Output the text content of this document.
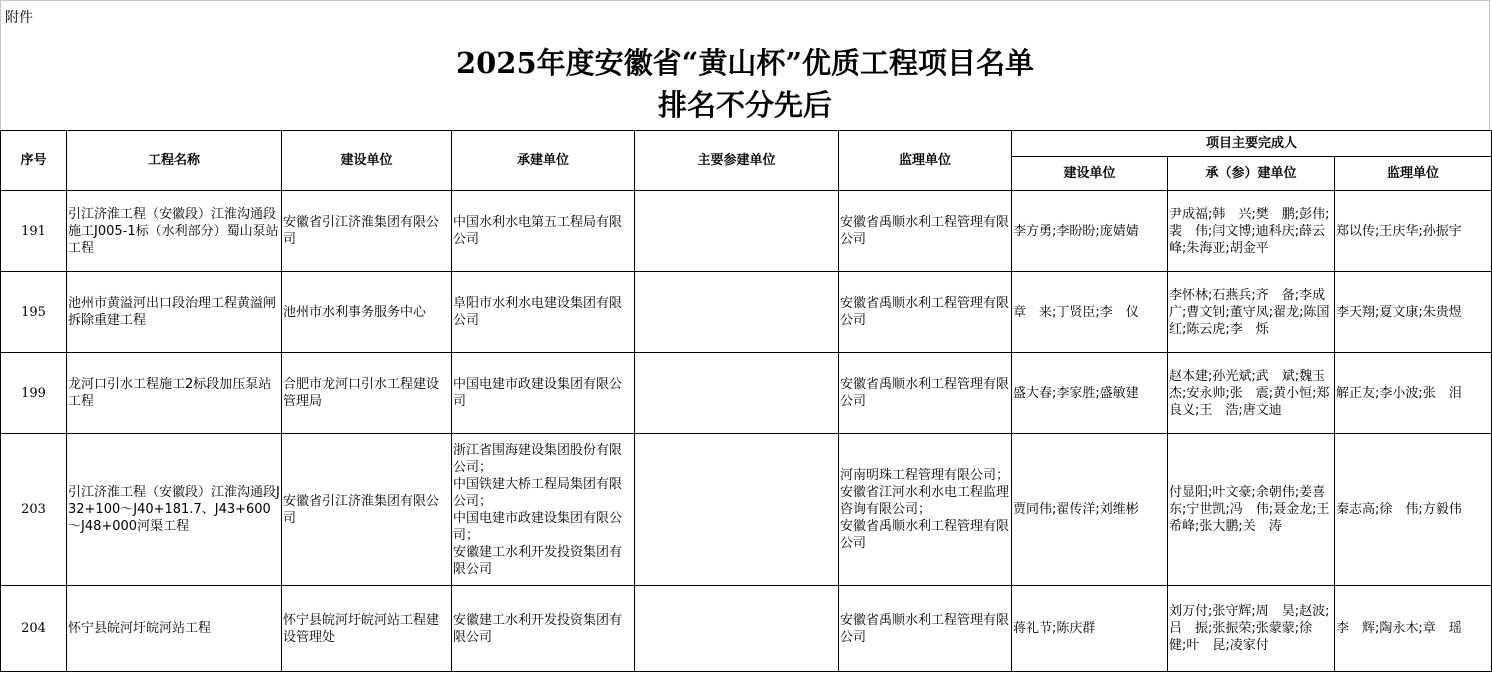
附件
2025年度安徽省“黄山杯”优质工程项目名单
排名不分先后
序号	工程名称	建设单位	承建单位	主要参建单位	监理单位	项目主要完成人		
						建设单位	承（参）建单位	监理单位
191	引江济淮工程（安徽段）江淮沟通段施工J005-1标（水利部分）蜀山泵站工程	安徽省引江济淮集团有限公司	中国水利水电第五工程局有限公司		安徽省禹顺水利工程管理有限公司	李方勇;李盼盼;庞婧婧	尹成福;韩　兴;樊　鹏;彭伟;裴　伟;闫文博;迪科庆;薛云峰;朱海亚;胡金平	郑以传;王庆华;孙振宇
195	池州市黄溢河出口段治理工程黄溢闸拆除重建工程	池州市水利事务服务中心	阜阳市水利水电建设集团有限公司		安徽省禹顺水利工程管理有限公司	章　来;丁贤臣;李　仪	李怀林;石燕兵;齐　备;李成广;曹文钊;董守凤;翟龙;陈国红;陈云虎;李　烁	李天翔;夏文康;朱贵煜
199	龙河口引水工程施工2标段加压泵站工程	合肥市龙河口引水工程建设管理局	中国电建市政建设集团有限公司		安徽省禹顺水利工程管理有限公司	盛大春;李家胜;盛敏建	赵本建;孙光斌;武　斌;魏玉杰;安永帅;张　震;黄小恒;郑良义;王　浩;唐文迪	解正友;李小波;张　泪
203	引江济淮工程（安徽段）江淮沟通段J32+100～J40+181.7、J43+600～J48+000河渠工程	安徽省引江济淮集团有限公司	浙江省围海建设集团股份有限公司；
中国铁建大桥工程局集团有限公司；
中国电建市政建设集团有限公司；
安徽建工水利开发投资集团有限公司		河南明珠工程管理有限公司；
安徽省江河水利水电工程监理咨询有限公司；
安徽省禹顺水利工程管理有限公司	贾同伟;翟传洋;刘维彬	付显阳;叶文豪;余朝伟;姜喜东;宁世凯;冯　伟;聂金龙;王希峰;张大鹏;关　涛	秦志高;徐　伟;方毅伟
204	怀宁县皖河圩皖河站工程	怀宁县皖河圩皖河站工程建设管理处	安徽建工水利开发投资集团有限公司		安徽省禹顺水利工程管理有限公司	蒋礼节;陈庆群	刘万付;张守辉;周　昊;赵波;吕　振;张振荣;张蒙蒙;徐　健;叶　昆;凌家付	李　辉;陶永木;章　瑶
